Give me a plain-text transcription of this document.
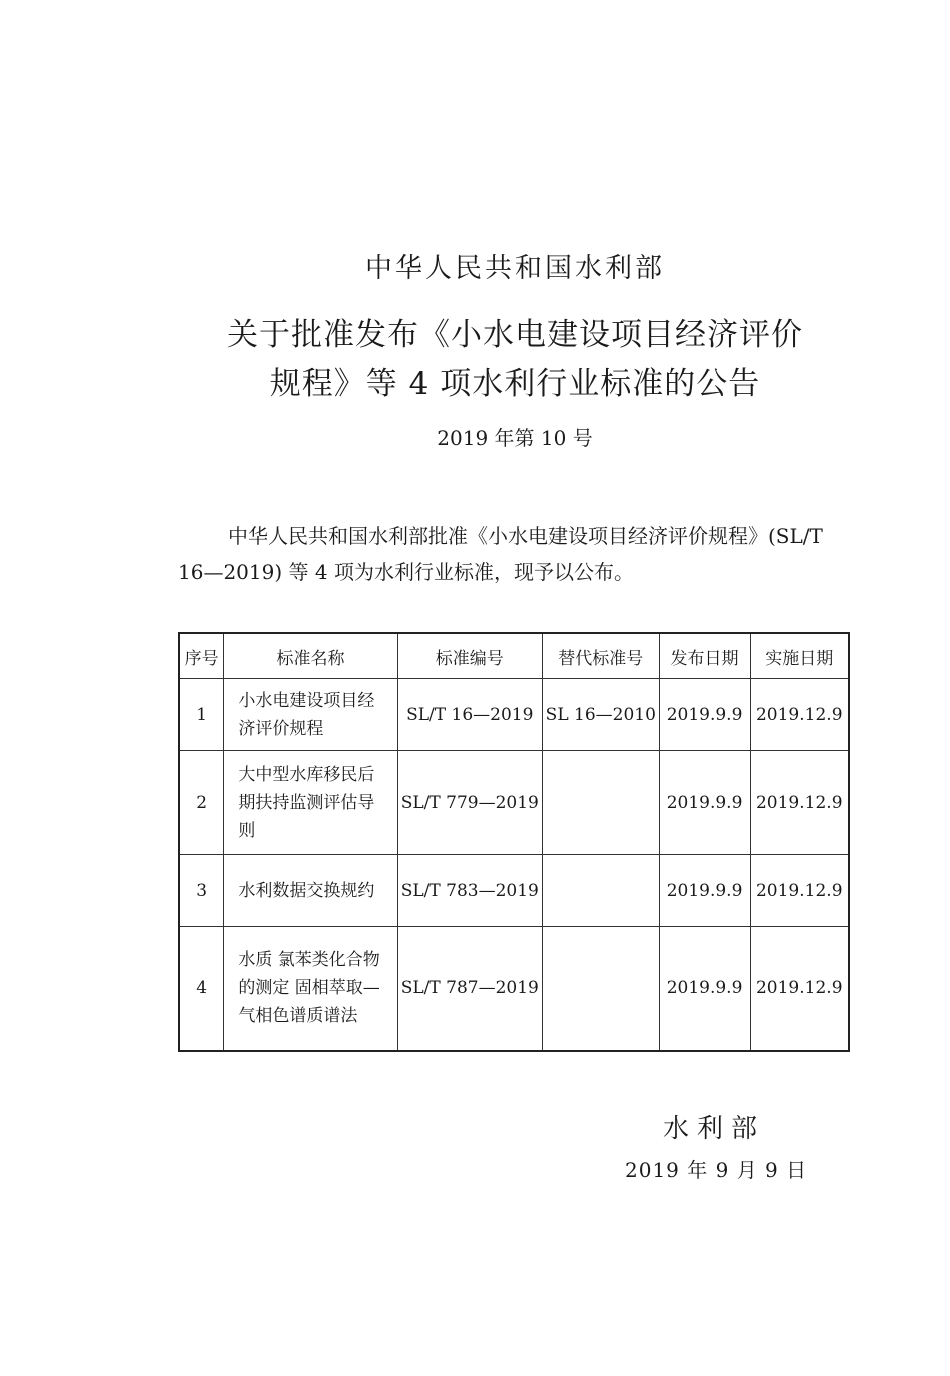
中华人民共和国水利部
关于批准发布《小水电建设项目经济评价
规程》等 4 项水利行业标准的公告
2019 年第 10 号
中华人民共和国水利部批准《小水电建设项目经济评价规程》(SL/T 16—2019) 等 4 项为水利行业标准，现予以公布。
序号	标准名称	标准编号	替代标准号	发布日期	实施日期
1	小水电建设项目经济评价规程	SL/T 16—2019	SL 16—2010	2019.9.9	2019.12.9
2	大中型水库移民后期扶持监测评估导则	SL/T 779—2019		2019.9.9	2019.12.9
3	水利数据交换规约	SL/T 783—2019		2019.9.9	2019.12.9
4	水质 氯苯类化合物的测定 固相萃取—气相色谱质谱法	SL/T 787—2019		2019.9.9	2019.12.9
水利部
2019 年 9 月 9 日
